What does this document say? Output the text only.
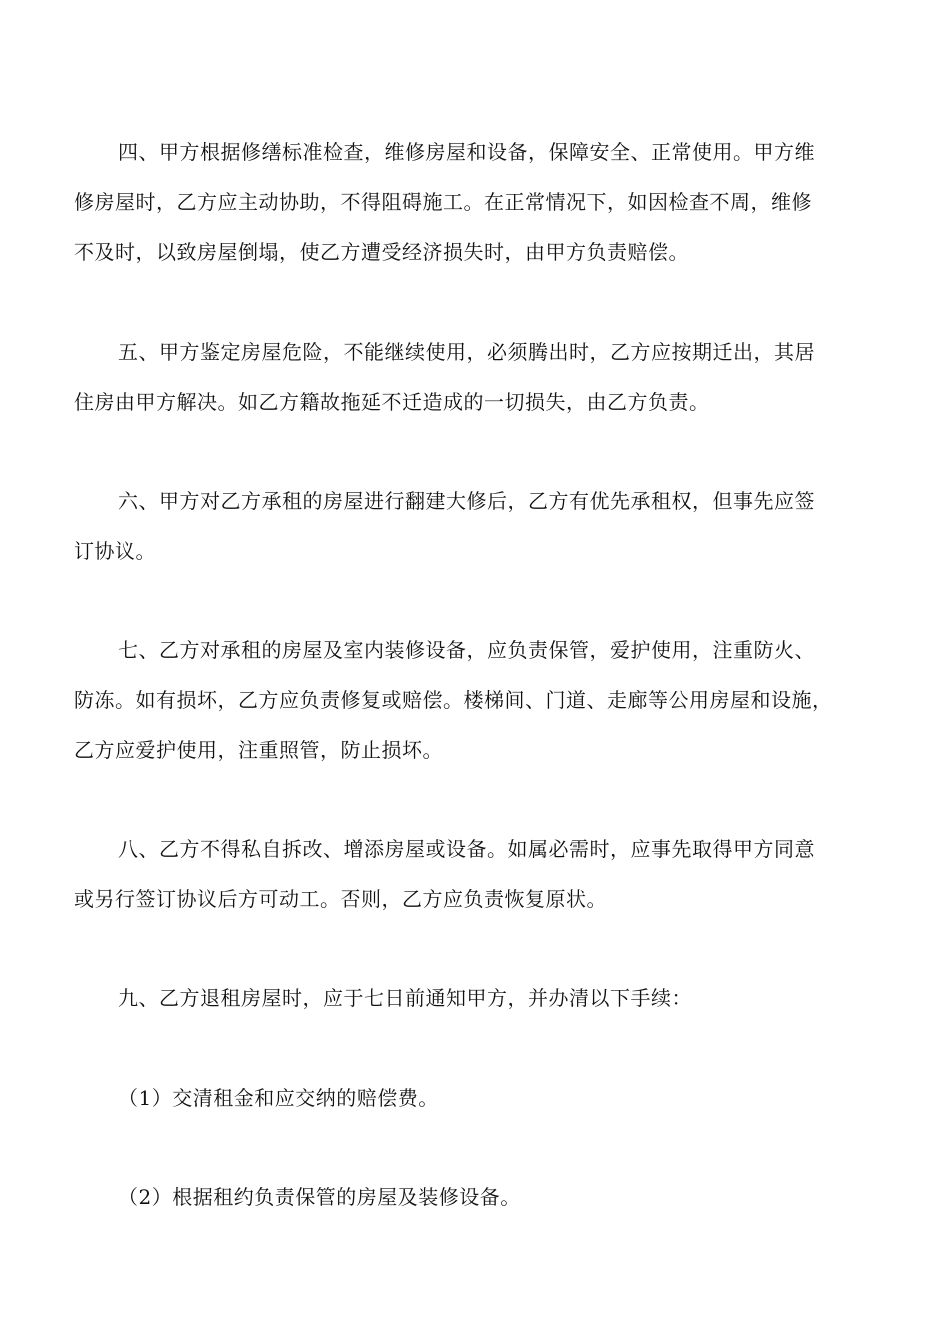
四、甲方根据修缮标准检查，维修房屋和设备，保障安全、正常使用。甲方维

修房屋时，乙方应主动协助，不得阻碍施工。在正常情况下，如因检查不周，维修

不及时，以致房屋倒塌，使乙方遭受经济损失时，由甲方负责赔偿。

五、甲方鉴定房屋危险，不能继续使用，必须腾出时，乙方应按期迁出，其居

住房由甲方解决。如乙方籍故拖延不迁造成的一切损失，由乙方负责。

六、甲方对乙方承租的房屋进行翻建大修后，乙方有优先承租权，但事先应签

订协议。

七、乙方对承租的房屋及室内装修设备，应负责保管，爱护使用，注重防火、

防冻。如有损坏，乙方应负责修复或赔偿。楼梯间、门道、走廊等公用房屋和设施，

乙方应爱护使用，注重照管，防止损坏。

八、乙方不得私自拆改、增添房屋或设备。如属必需时，应事先取得甲方同意

或另行签订协议后方可动工。否则，乙方应负责恢复原状。

九、乙方退租房屋时，应于七日前通知甲方，并办清以下手续：

（1）交清租金和应交纳的赔偿费。

（2）根据租约负责保管的房屋及装修设备。
